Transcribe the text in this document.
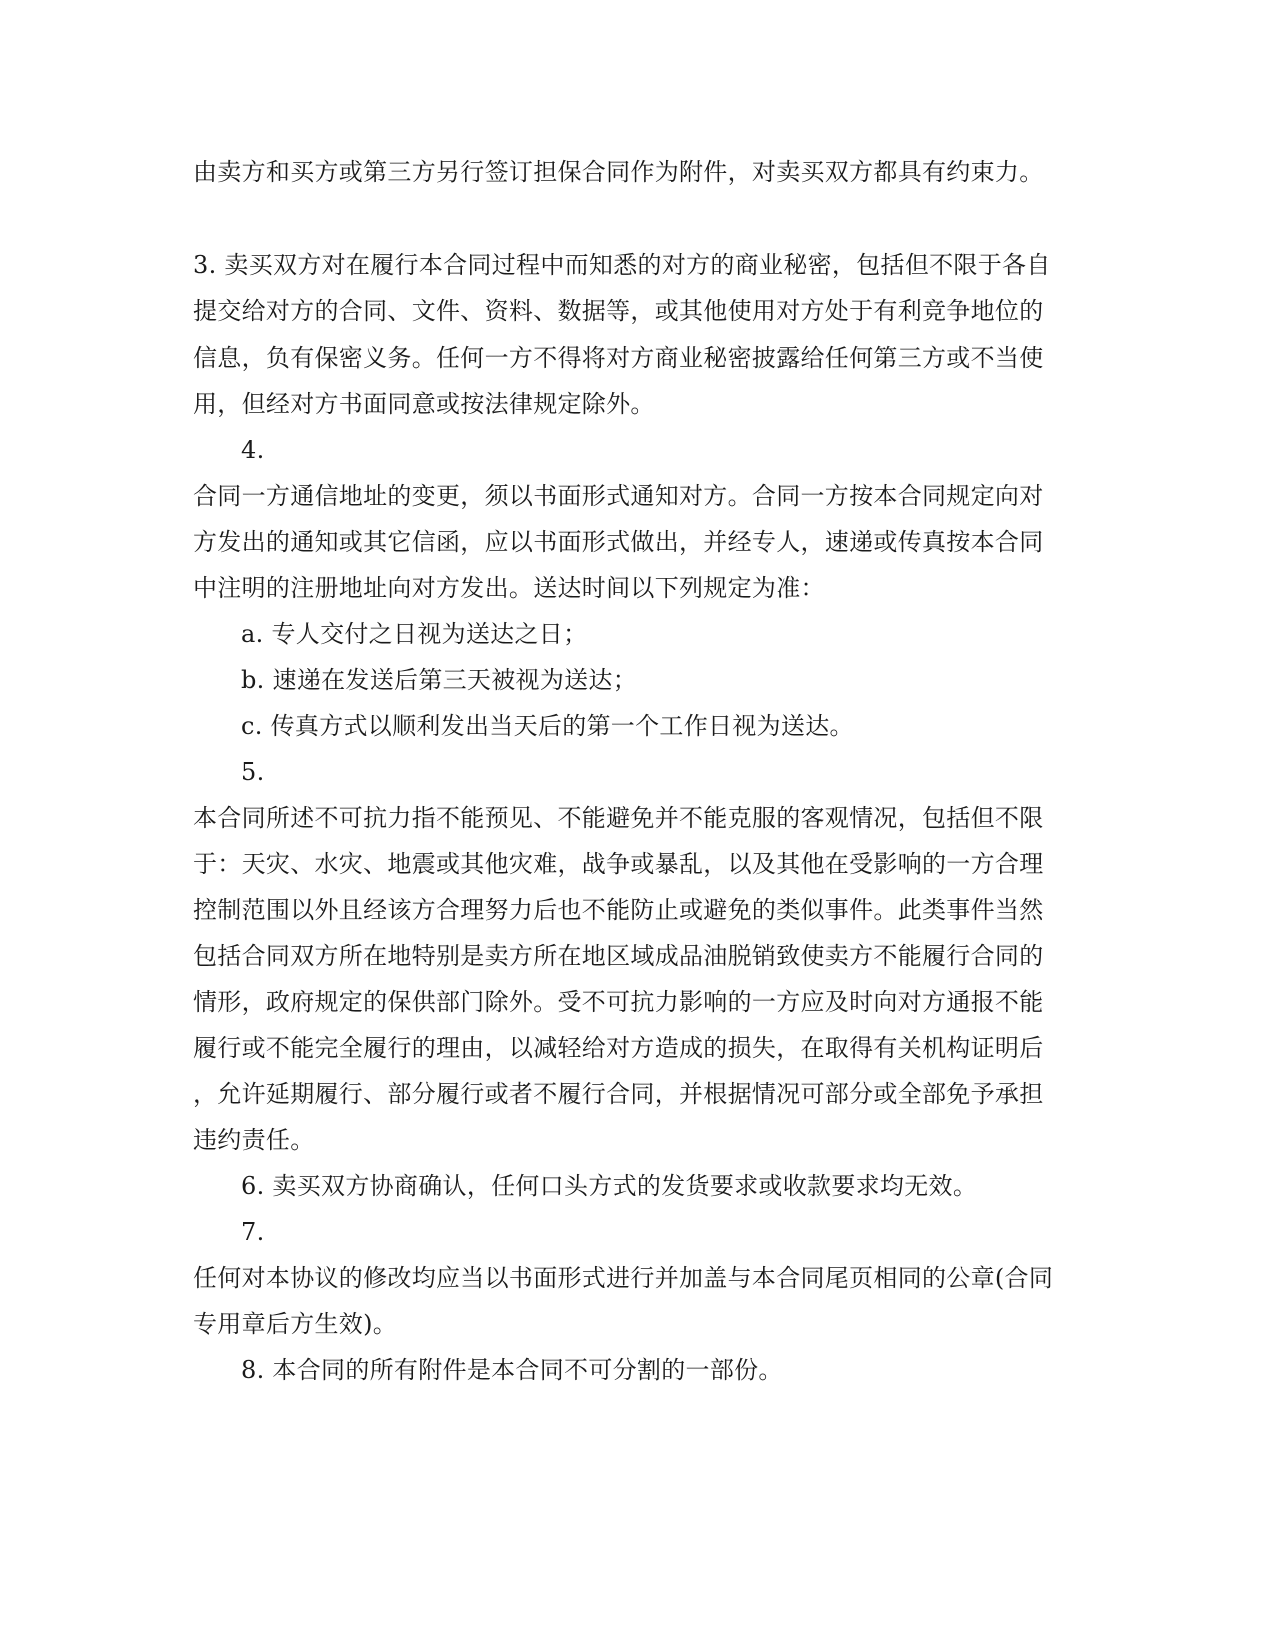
由卖方和买方或第三方另行签订担保合同作为附件，对卖买双方都具有约束力。
3. 卖买双方对在履行本合同过程中而知悉的对方的商业秘密，包括但不限于各自
提交给对方的合同、文件、资料、数据等，或其他使用对方处于有利竞争地位的
信息，负有保密义务。任何一方不得将对方商业秘密披露给任何第三方或不当使
用，但经对方书面同意或按法律规定除外。
4.
合同一方通信地址的变更，须以书面形式通知对方。合同一方按本合同规定向对
方发出的通知或其它信函，应以书面形式做出，并经专人，速递或传真按本合同
中注明的注册地址向对方发出。送达时间以下列规定为准：
a. 专人交付之日视为送达之日；
b. 速递在发送后第三天被视为送达；
c. 传真方式以顺利发出当天后的第一个工作日视为送达。
5.
本合同所述不可抗力指不能预见、不能避免并不能克服的客观情况，包括但不限
于：天灾、水灾、地震或其他灾难，战争或暴乱，以及其他在受影响的一方合理
控制范围以外且经该方合理努力后也不能防止或避免的类似事件。此类事件当然
包括合同双方所在地特别是卖方所在地区域成品油脱销致使卖方不能履行合同的
情形，政府规定的保供部门除外。受不可抗力影响的一方应及时向对方通报不能
履行或不能完全履行的理由，以减轻给对方造成的损失，在取得有关机构证明后
，允许延期履行、部分履行或者不履行合同，并根据情况可部分或全部免予承担
违约责任。
6. 卖买双方协商确认，任何口头方式的发货要求或收款要求均无效。
7.
任何对本协议的修改均应当以书面形式进行并加盖与本合同尾页相同的公章(合同
专用章后方生效)。
8. 本合同的所有附件是本合同不可分割的一部份。
